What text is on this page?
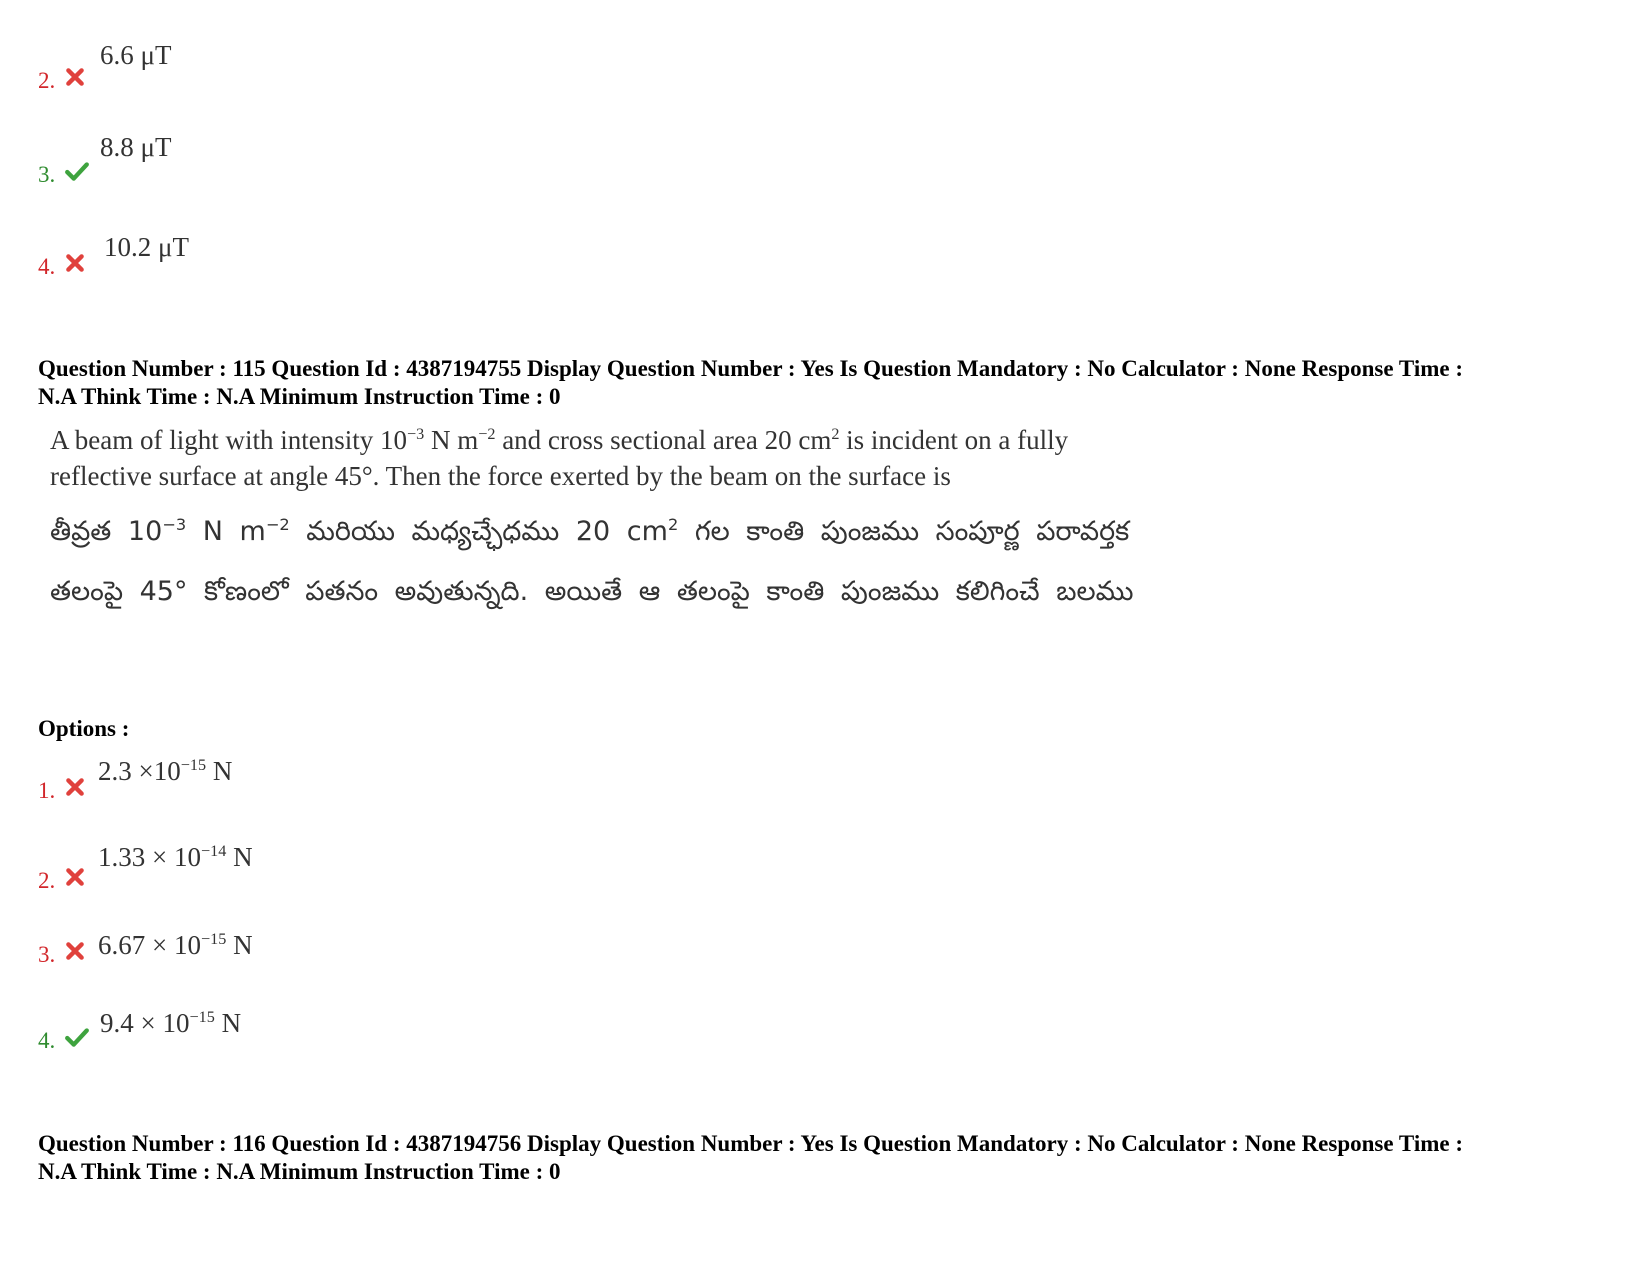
2.
6.6 μT
3.
8.8 μT
4.
10.2 μT
Question Number : 115 Question Id : 4387194755 Display Question Number : Yes Is Question Mandatory : No Calculator : None Response Time :
N.A Think Time : N.A Minimum Instruction Time : 0
A beam of light with intensity $10^{-3}$ N $m^{-2}$ and cross sectional area 20 $cm^2$ is incident on a fully reflective surface at angle 45°. Then the force exerted by the beam on the surface is
తీవ్రత $10^{-3}$ N $m^{-2}$ మరియు మధ్యచ్ఛేధము 20 $cm^2$ గల కాంతి పుంజము సంపూర్ణ పరావర్తక తలంపై 45° కోణంలో పతనం అవుతున్నది. అయితే ఆ తలంపై కాంతి పుంజము కలిగించే బలము
Options :
1.
$2.3 \times 10^{-15}$ N
2.
$1.33 \times 10^{-14}$ N
3. $6.67 \times 10^{-15}$ N
4.
$9.4 \times 10^{-15}$ N
Question Number : 116 Question Id : 4387194756 Display Question Number : Yes Is Question Mandatory : No Calculator : None Response Time :
N.A Think Time : N.A Minimum Instruction Time : 0
